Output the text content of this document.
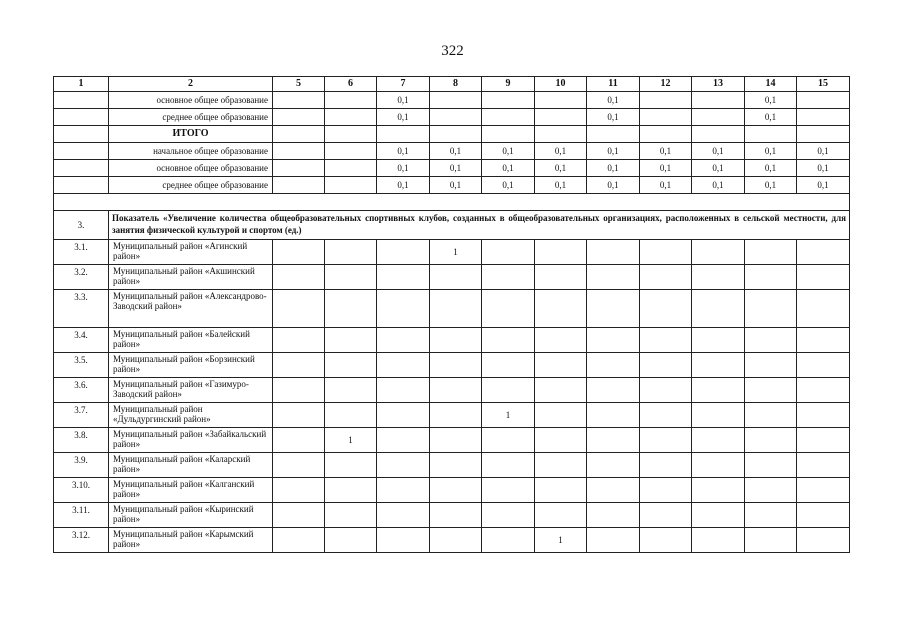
322
1	2	5	6	7	8	9	10	11	12	13	14	15
	основное общее образование			0,1				0,1			0,1	
	среднее общее образование			0,1				0,1			0,1	
	ИТОГО											
	начальное общее образование			0,1	0,1	0,1	0,1	0,1	0,1	0,1	0,1	0,1
	основное общее образование			0,1	0,1	0,1	0,1	0,1	0,1	0,1	0,1	0,1
	среднее общее образование			0,1	0,1	0,1	0,1	0,1	0,1	0,1	0,1	0,1

3.	Показатель «Увеличение количества общеобразовательных спортивных клубов, созданных в общеобразовательных организациях, расположенных в сельской местности, для занятия физической культурой и спортом (ед.)											
3.1.	Муниципальный район «Агинский район»				1							
3.2.	Муниципальный район «Акшинский район»											
3.3.	Муниципальный район «Александрово-Заводский район»											
3.4.	Муниципальный район «Балейский район»											
3.5.	Муниципальный район «Борзинский район»											
3.6.	Муниципальный район «Газимуро-Заводский район»											
3.7.	Муниципальный район «Дульдургинский район»					1						
3.8.	Муниципальный район «Забайкальский район»		1									
3.9.	Муниципальный район «Каларский район»											
3.10.	Муниципальный район «Калганский район»											
3.11.	Муниципальный район «Кыринский район»											
3.12.	Муниципальный район «Карымский район»						1					
